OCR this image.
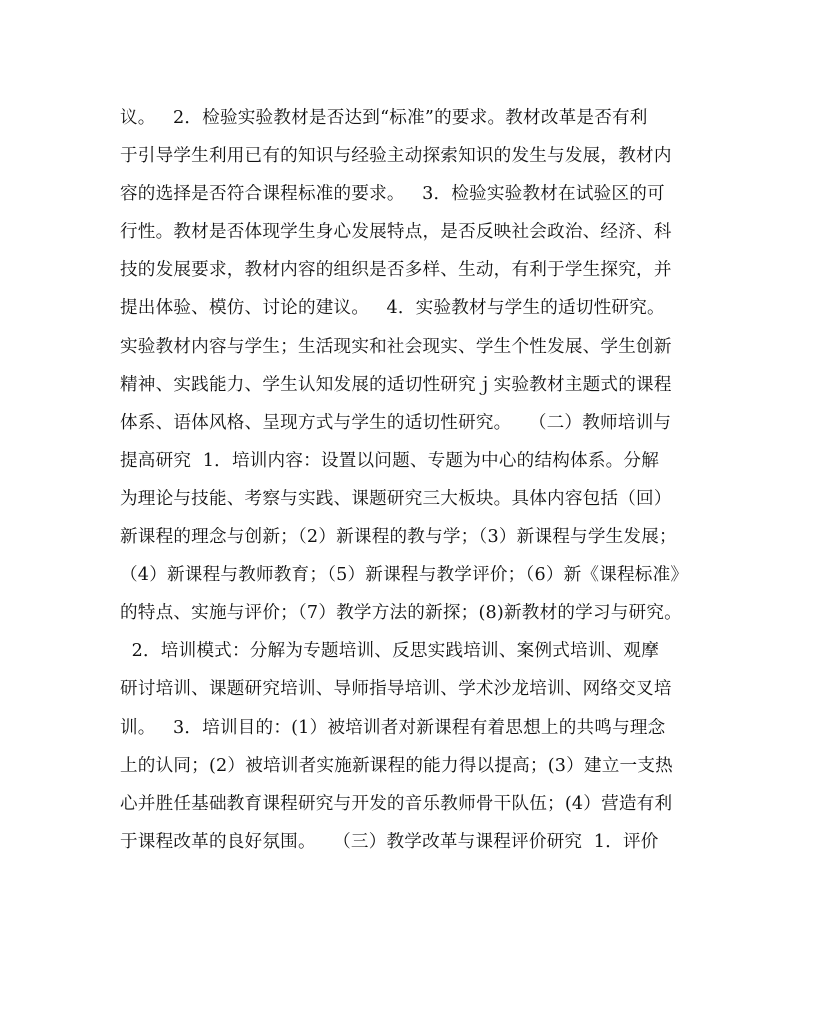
议。   2．检验实验教材是否达到“标准”的要求。教材改革是否有利
于引导学生利用已有的知识与经验主动探索知识的发生与发展，教材内
容的选择是否符合课程标准的要求。   3．检验实验教材在试验区的可
行性。教材是否体现学生身心发展特点，是否反映社会政治、经济、科
技的发展要求，教材内容的组织是否多样、生动，有利于学生探究，并
提出体验、模仿、讨论的建议。   4．实验教材与学生的适切性研究。
实验教材内容与学生；生活现实和社会现实、学生个性发展、学生创新
精神、实践能力、学生认知发展的适切性研究ｊ实验教材主题式的课程
体系、语体风格、呈现方式与学生的适切性研究。   （二）教师培训与
提高研究  1．培训内容：设置以问题、专题为中心的结构体系。分解
为理论与技能、考察与实践、课题研究三大板块。具体内容包括（回）
新课程的理念与创新；（2）新课程的教与学；（3）新课程与学生发展；
（4）新课程与教师教育；（5）新课程与教学评价；（6）新《课程标准》
的特点、实施与评价；（7）教学方法的新探；(8)新教材的学习与研究。
2．培训模式：分解为专题培训、反思实践培训、案例式培训、观摩
研讨培训、课题研究培训、导师指导培训、学术沙龙培训、网络交叉培
训。   3．培训目的：(1）被培训者对新课程有着思想上的共鸣与理念
上的认同；(2）被培训者实施新课程的能力得以提高；(3）建立一支热
心并胜任基础教育课程研究与开发的音乐教师骨干队伍；(4）营造有利
于课程改革的良好氛围。   （三）教学改革与课程评价研究  1．评价
